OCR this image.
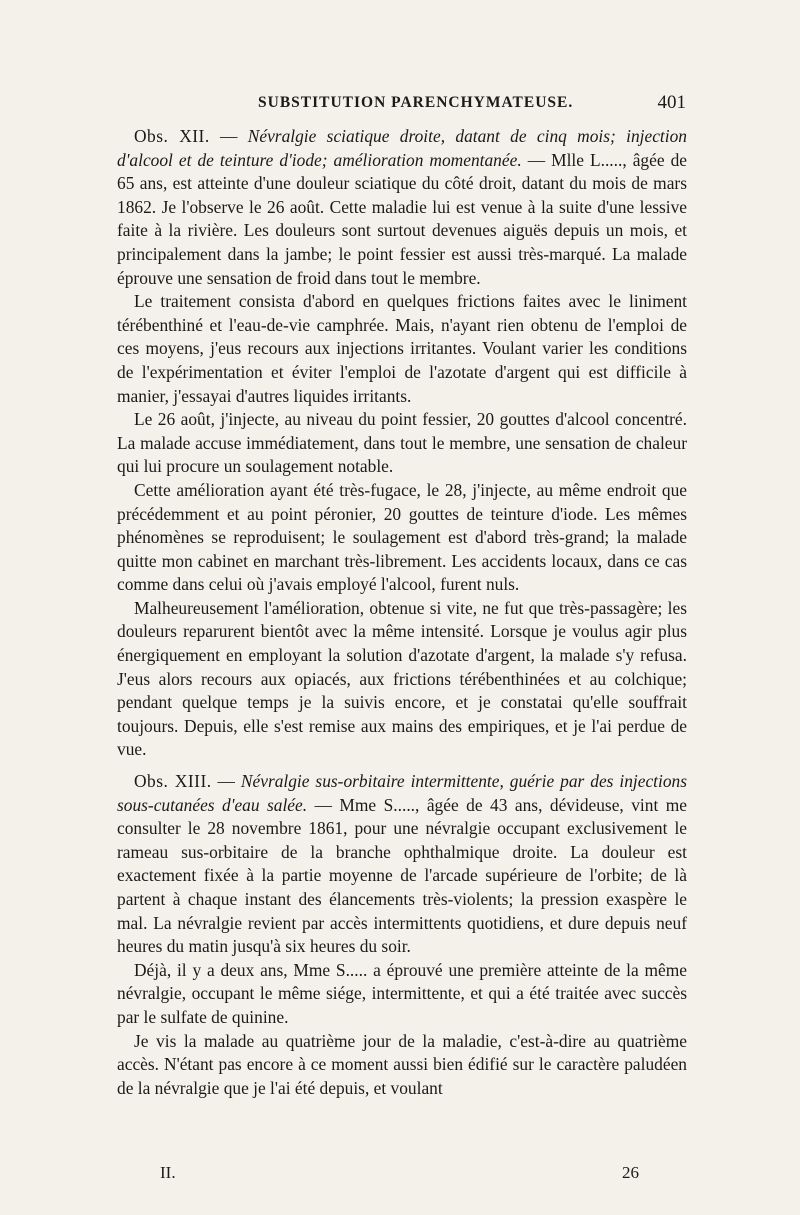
SUBSTITUTION PARENCHYMATEUSE.	401

Obs. XII. — Névralgie sciatique droite, datant de cinq mois; injection d'alcool et de teinture d'iode; amélioration momentanée. — Mlle L....., âgée de 65 ans, est atteinte d'une douleur sciatique du côté droit, datant du mois de mars 1862. Je l'observe le 26 août. Cette maladie lui est venue à la suite d'une lessive faite à la rivière. Les douleurs sont surtout devenues aiguës depuis un mois, et principalement dans la jambe; le point fessier est aussi très-marqué. La malade éprouve une sensation de froid dans tout le membre.

Le traitement consista d'abord en quelques frictions faites avec le liniment térébenthiné et l'eau-de-vie camphrée. Mais, n'ayant rien obtenu de l'emploi de ces moyens, j'eus recours aux injections irritantes. Voulant varier les conditions de l'expérimentation et éviter l'emploi de l'azotate d'argent qui est difficile à manier, j'essayai d'autres liquides irritants.

Le 26 août, j'injecte, au niveau du point fessier, 20 gouttes d'alcool concentré. La malade accuse immédiatement, dans tout le membre, une sensation de chaleur qui lui procure un soulagement notable.

Cette amélioration ayant été très-fugace, le 28, j'injecte, au même endroit que précédemment et au point péronier, 20 gouttes de teinture d'iode. Les mêmes phénomènes se reproduisent; le soulagement est d'abord très-grand; la malade quitte mon cabinet en marchant très-librement. Les accidents locaux, dans ce cas comme dans celui où j'avais employé l'alcool, furent nuls.

Malheureusement l'amélioration, obtenue si vite, ne fut que très-passagère; les douleurs reparurent bientôt avec la même intensité. Lorsque je voulus agir plus énergiquement en employant la solution d'azotate d'argent, la malade s'y refusa. J'eus alors recours aux opiacés, aux frictions térébenthinées et au colchique; pendant quelque temps je la suivis encore, et je constatai qu'elle souffrait toujours. Depuis, elle s'est remise aux mains des empiriques, et je l'ai perdue de vue.

Obs. XIII. — Névralgie sus-orbitaire intermittente, guérie par des injections sous-cutanées d'eau salée. — Mme S....., âgée de 43 ans, dévideuse, vint me consulter le 28 novembre 1861, pour une névralgie occupant exclusivement le rameau sus-orbitaire de la branche ophthalmique droite. La douleur est exactement fixée à la partie moyenne de l'arcade supérieure de l'orbite; de là partent à chaque instant des élancements très-violents; la pression exaspère le mal. La névralgie revient par accès intermittents quotidiens, et dure depuis neuf heures du matin jusqu'à six heures du soir.

Déjà, il y a deux ans, Mme S..... a éprouvé une première atteinte de la même névralgie, occupant le même siége, intermittente, et qui a été traitée avec succès par le sulfate de quinine.

Je vis la malade au quatrième jour de la maladie, c'est-à-dire au quatrième accès. N'étant pas encore à ce moment aussi bien édifié sur le caractère paludéen de la névralgie que je l'ai été depuis, et voulant

II.	26
